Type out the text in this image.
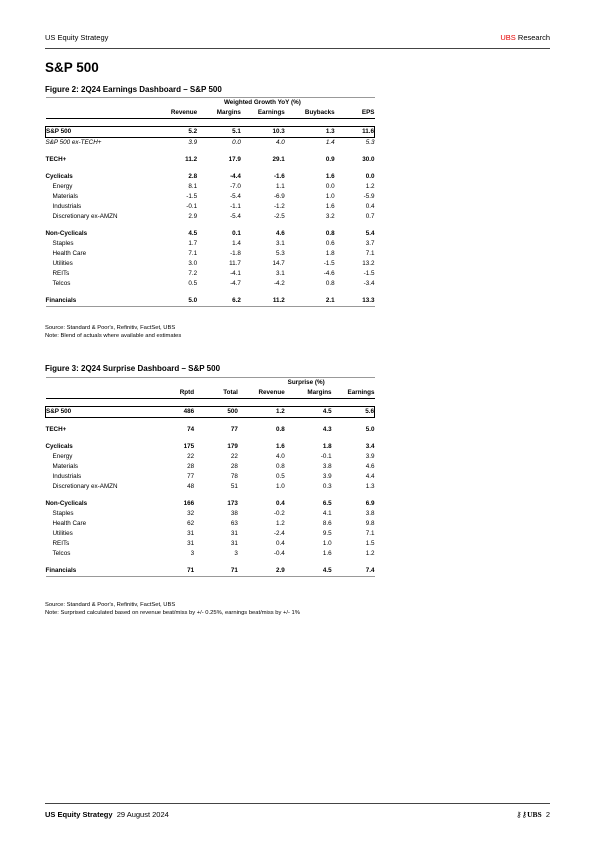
US Equity Strategy	UBS Research
S&P 500
Figure 2: 2Q24 Earnings Dashboard – S&P 500
	Weighted Growth YoY (%)				
	Revenue	Margins	Earnings	Buybacks	EPS

S&P 500	5.2	5.1	10.3	1.3	11.6
S&P 500 ex-TECH+	3.9	0.0	4.0	1.4	5.3

TECH+	11.2	17.9	29.1	0.9	30.0

Cyclicals	2.8	-4.4	-1.6	1.6	0.0
Energy	8.1	-7.0	1.1	0.0	1.2
Materials	-1.5	-5.4	-6.9	1.0	-5.9
Industrials	-0.1	-1.1	-1.2	1.6	0.4
Discretionary ex-AMZN	2.9	-5.4	-2.5	3.2	0.7

Non-Cyclicals	4.5	0.1	4.6	0.8	5.4
Staples	1.7	1.4	3.1	0.6	3.7
Health Care	7.1	-1.8	5.3	1.8	7.1
Utilities	3.0	11.7	14.7	-1.5	13.2
REITs	7.2	-4.1	3.1	-4.6	-1.5
Telcos	0.5	-4.7	-4.2	0.8	-3.4

Financials	5.0	6.2	11.2	2.1	13.3
Source: Standard & Poor's, Refinitiv, FactSet, UBS
Note: Blend of actuals where available and estimates
Figure 3: 2Q24 Surprise Dashboard – S&P 500
			Surprise (%)		
	Rptd	Total	Revenue	Margins	Earnings

S&P 500	486	500	1.2	4.5	5.6

TECH+	74	77	0.8	4.3	5.0

Cyclicals	175	179	1.6	1.8	3.4
Energy	22	22	4.0	-0.1	3.9
Materials	28	28	0.8	3.8	4.6
Industrials	77	78	0.5	3.9	4.4
Discretionary ex-AMZN	48	51	1.0	0.3	1.3

Non-Cyclicals	166	173	0.4	6.5	6.9
Staples	32	38	-0.2	4.1	3.8
Health Care	62	63	1.2	8.6	9.8
Utilities	31	31	-2.4	9.5	7.1
REITs	31	31	0.4	1.0	1.5
Telcos	3	3	-0.4	1.6	1.2

Financials	71	71	2.9	4.5	7.4
Source: Standard & Poor's, Refinitiv, FactSet, UBS
Note: Surprised calculated based on revenue beat/miss by +/- 0.25%, earnings beat/miss by +/- 1%
US Equity Strategy 29 August 2024	⚷⚷UBS 2
